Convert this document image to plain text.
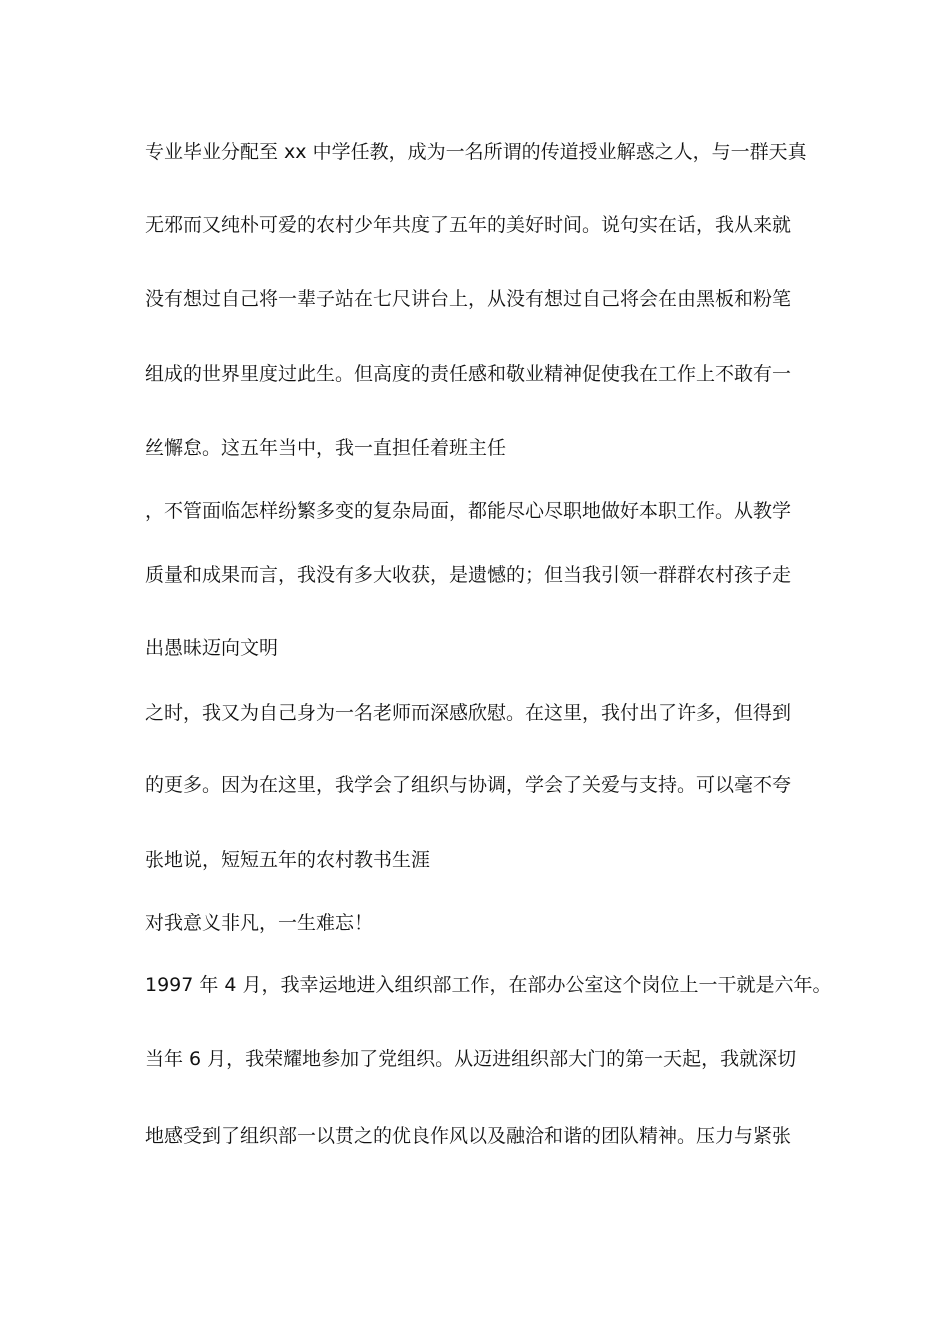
专业毕业分配至 xx 中学任教，成为一名所谓的传道授业解惑之人，与一群天真
无邪而又纯朴可爱的农村少年共度了五年的美好时间。说句实在话，我从来就
没有想过自己将一辈子站在七尺讲台上，从没有想过自己将会在由黑板和粉笔
组成的世界里度过此生。但高度的责任感和敬业精神促使我在工作上不敢有一
丝懈怠。这五年当中，我一直担任着班主任
，不管面临怎样纷繁多变的复杂局面，都能尽心尽职地做好本职工作。从教学
质量和成果而言，我没有多大收获，是遗憾的；但当我引领一群群农村孩子走
出愚昧迈向文明
之时，我又为自己身为一名老师而深感欣慰。在这里，我付出了许多，但得到
的更多。因为在这里，我学会了组织与协调，学会了关爱与支持。可以毫不夸
张地说，短短五年的农村教书生涯
对我意义非凡，一生难忘！
1997 年 4 月，我幸运地进入组织部工作，在部办公室这个岗位上一干就是六年。
当年 6 月，我荣耀地参加了党组织。从迈进组织部大门的第一天起，我就深切
地感受到了组织部一以贯之的优良作风以及融洽和谐的团队精神。压力与紧张
